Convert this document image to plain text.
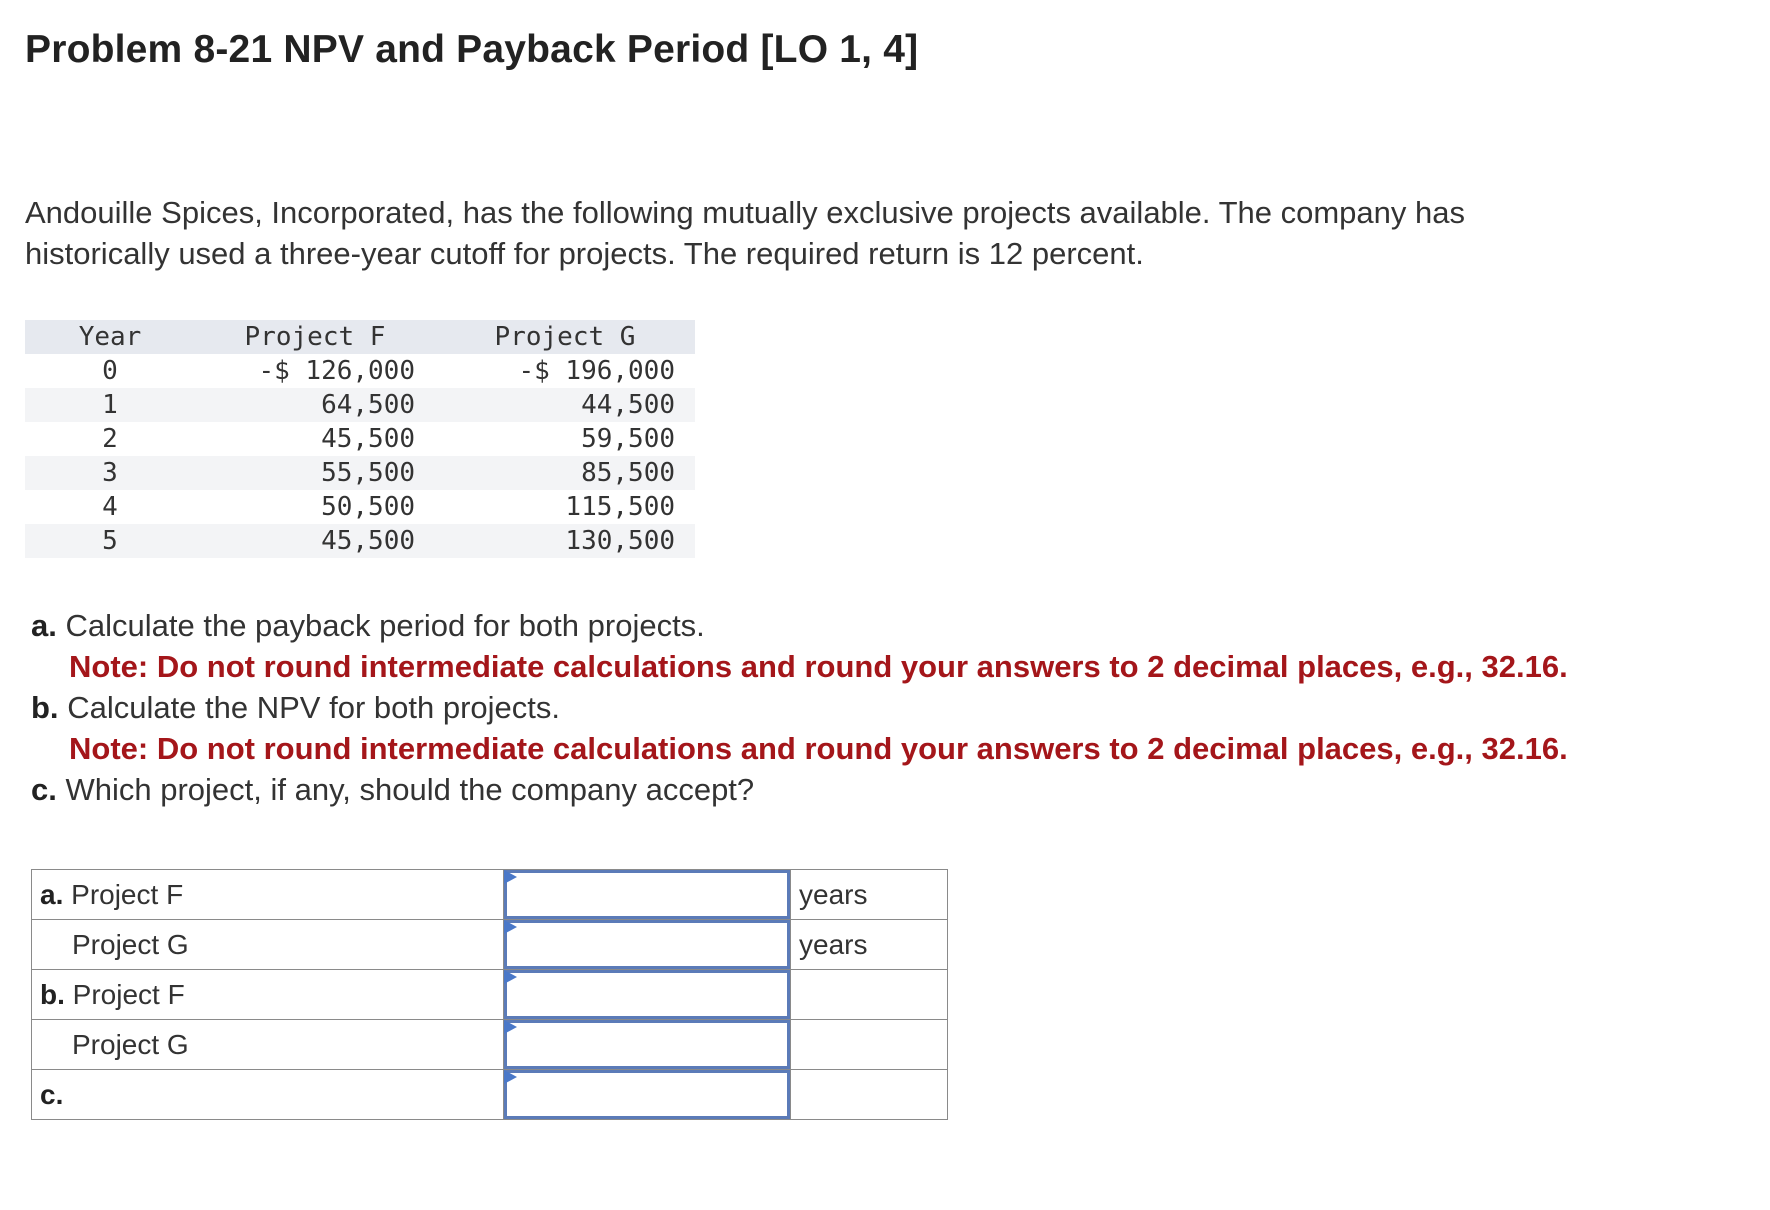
Problem 8-21 NPV and Payback Period [LO 1, 4]
Andouille Spices, Incorporated, has the following mutually exclusive projects available. The company has
historically used a three-year cutoff for projects. The required return is 12 percent.
Year	Project F	Project G
0	-$ 126,000	-$ 196,000
1	64,500	44,500
2	45,500	59,500
3	55,500	85,500
4	50,500	115,500
5	45,500	130,500
a. Calculate the payback period for both projects.
Note: Do not round intermediate calculations and round your answers to 2 decimal places, e.g., 32.16.
b. Calculate the NPV for both projects.
Note: Do not round intermediate calculations and round your answers to 2 decimal places, e.g., 32.16.
c. Which project, if any, should the company accept?
a. Project F		years
Project G		years
b. Project F	

Project G	

c.	
